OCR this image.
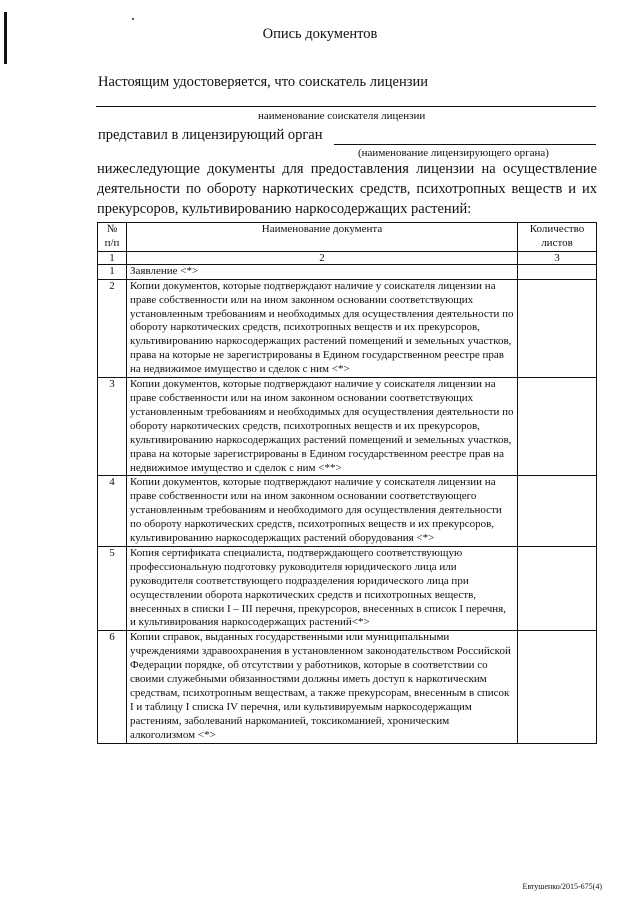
Опись документов
Настоящим удостоверяется, что соискатель лицензии
наименование соискателя лицензии
представил в лицензирующий орган
(наименование лицензирующего органа)
нижеследующие документы для предоставления лицензии на осуществление деятельности по обороту наркотических средств, психотропных веществ и их прекурсоров, культивированию наркосодержащих растений:
№ п/п	Наименование документа	Количество листов
1	2	3
1	Заявление <*>	
2	Копии документов, которые подтверждают наличие у соискателя лицензии на праве собственности или на ином законном основании соответствующих установленным требованиям и необходимых для осуществления деятельности по обороту наркотических средств, психотропных веществ и их прекурсоров, культивированию наркосодержащих растений помещений и земельных участков, права на которые не зарегистрированы в Едином государственном реестре прав на недвижимое имущество и сделок с ним <*>	
3	Копии документов, которые подтверждают наличие у соискателя лицензии на праве собственности или на ином законном основании соответствующих установленным требованиям и необходимых для осуществления деятельности по обороту наркотических средств, психотропных веществ и их прекурсоров, культивированию наркосодержащих растений помещений и земельных участков, права на которые зарегистрированы в Едином государственном реестре прав на недвижимое имущество и сделок с ним <**>	
4	Копии документов, которые подтверждают наличие у соискателя лицензии на праве собственности или на ином законном основании соответствующего установленным требованиям и необходимого для осуществления деятельности по обороту наркотических средств, психотропных веществ и их прекурсоров, культивированию наркосодержащих растений оборудования <*>	
5	Копия сертификата специалиста, подтверждающего соответствующую профессиональную подготовку руководителя юридического лица или руководителя соответствующего подразделения юридического лица при осуществлении оборота наркотических средств и психотропных веществ, внесенных в списки I – III перечня, прекурсоров, внесенных в список I перечня, и культивирования наркосодержащих растений<*>	
6	Копии справок, выданных государственными или муниципальными учреждениями здравоохранения в установленном законодательством Российской Федерации порядке, об отсутствии у работников, которые в соответствии со своими служебными обязанностями должны иметь доступ к наркотическим средствам, психотропным веществам, а также прекурсорам, внесенным в список I и таблицу I списка IV перечня, или культивируемым наркосодержащим растениям, заболеваний наркоманией, токсикоманией, хроническим алкоголизмом <*>	
Евтушенко/2015-675(4)
